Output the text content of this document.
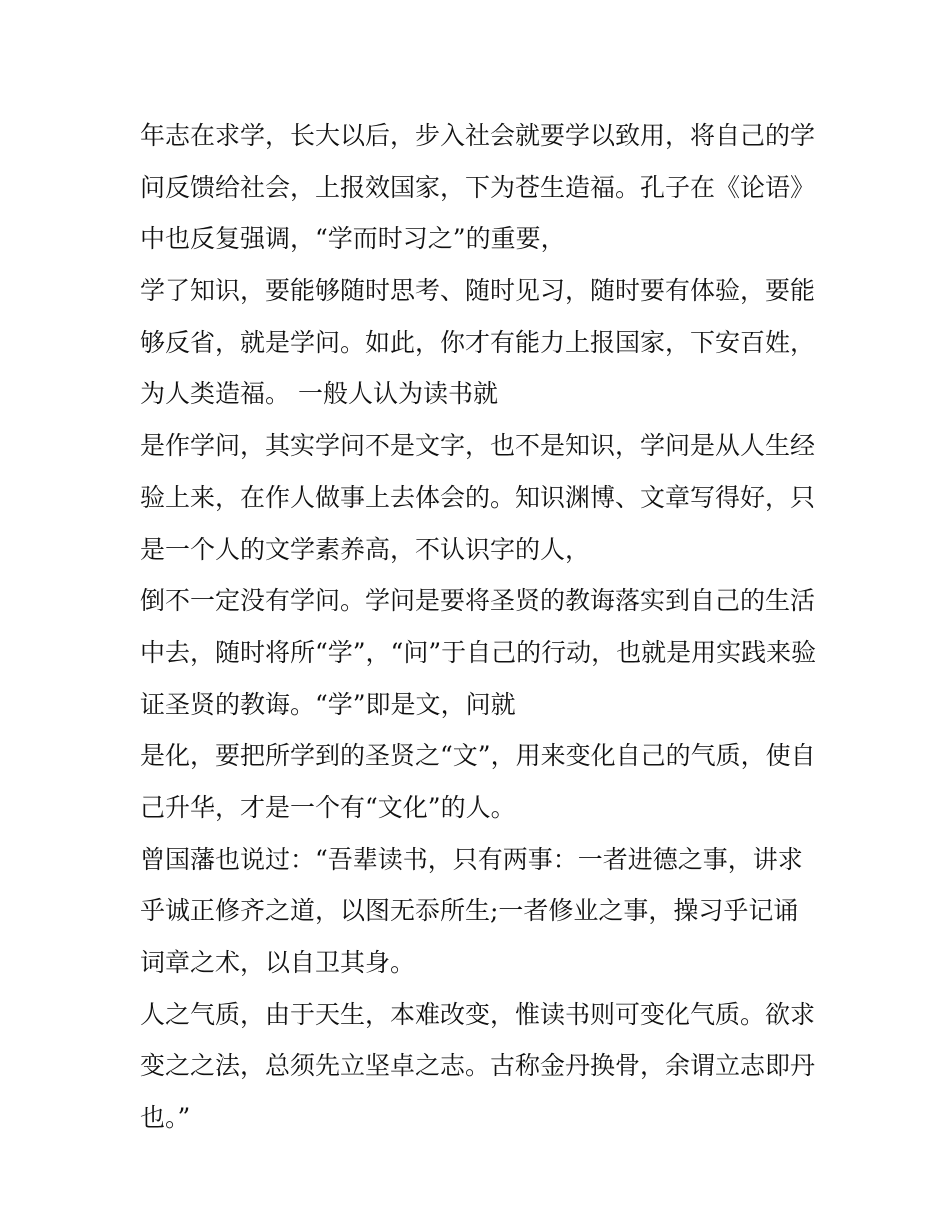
年志在求学，长大以后，步入社会就要学以致用，将自己的学
问反馈给社会，上报效国家，下为苍生造福。孔子在《论语》
中也反复强调，“学而时习之”的重要，
学了知识，要能够随时思考、随时见习，随时要有体验，要能
够反省，就是学问。如此，你才有能力上报国家，下安百姓，
为人类造福。 一般人认为读书就
是作学问，其实学问不是文字，也不是知识，学问是从人生经
验上来，在作人做事上去体会的。知识渊博、文章写得好，只
是一个人的文学素养高，不认识字的人，
倒不一定没有学问。学问是要将圣贤的教诲落实到自己的生活
中去，随时将所“学”，“问”于自己的行动，也就是用实践来验
证圣贤的教诲。“学”即是文，问就
是化，要把所学到的圣贤之“文”，用来变化自己的气质，使自
己升华，才是一个有“文化”的人。
曾国藩也说过：“吾辈读书，只有两事：一者进德之事，讲求
乎诚正修齐之道，以图无忝所生;一者修业之事，操习乎记诵
词章之术，以自卫其身。
人之气质，由于天生，本难改变，惟读书则可变化气质。欲求
变之之法，总须先立坚卓之志。古称金丹换骨，余谓立志即丹
也。”
